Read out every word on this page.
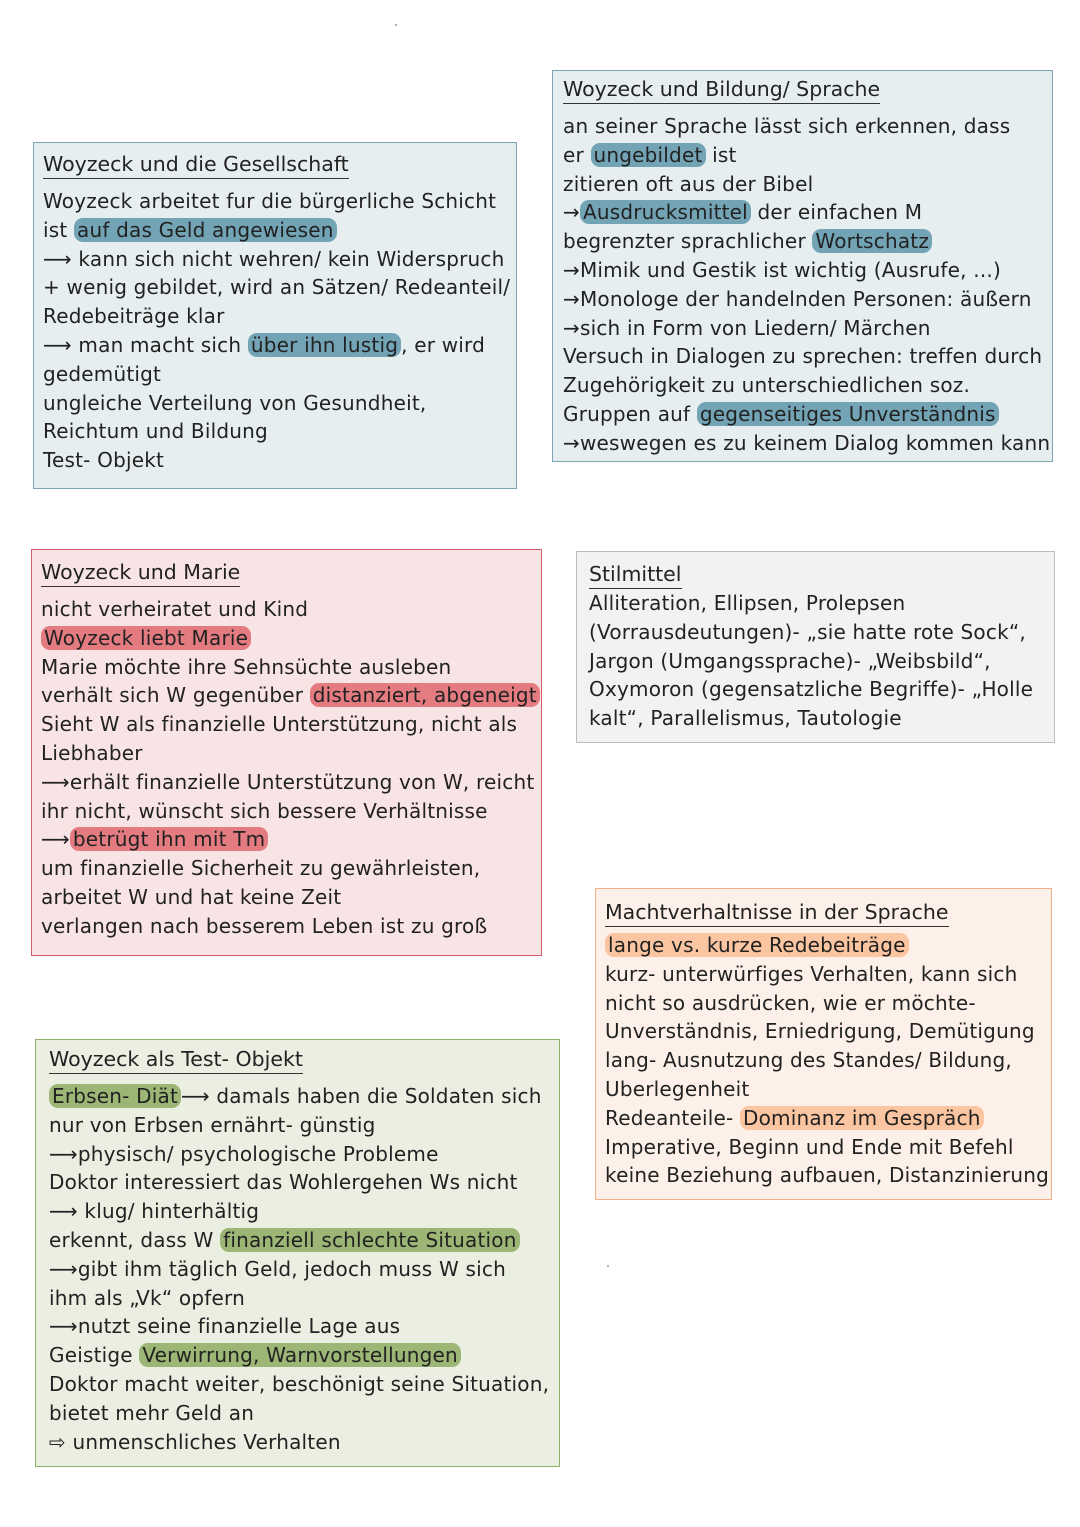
Woyzeck und die Gesellschaft
Woyzeck arbeitet fur die bürgerliche Schicht
ist auf das Geld angewiesen
⟶ kann sich nicht wehren/ kein Widerspruch
+ wenig gebildet, wird an Sätzen/ Redeanteil/
Redebeiträge klar
⟶ man macht sich über ihn lustig , er wird
gedemütigt
ungleiche Verteilung von Gesundheit,
Reichtum und Bildung
Test- Objekt
Woyzeck und Bildung/ Sprache
an seiner Sprache lässt sich erkennen, dass
er ungebildet ist
zitieren oft aus der Bibel
→ Ausdrucksmittel der einfachen M
begrenzter sprachlicher Wortschatz
→Mimik und Gestik ist wichtig (Ausrufe, ...)
→Monologe der handelnden Personen: äußern
→sich in Form von Liedern/ Märchen
Versuch in Dialogen zu sprechen: treffen durch
Zugehörigkeit zu unterschiedlichen soz.
Gruppen auf gegenseitiges Unverständnis
→weswegen es zu keinem Dialog kommen kann
Woyzeck und Marie
nicht verheiratet und Kind
Woyzeck liebt Marie
Marie möchte ihre Sehnsüchte ausleben
verhält sich W gegenüber distanziert, abgeneigt
Sieht W als finanzielle Unterstützung, nicht als
Liebhaber
⟶erhält finanzielle Unterstützung von W, reicht
ihr nicht, wünscht sich bessere Verhältnisse
⟶ betrügt ihn mit Tm
um finanzielle Sicherheit zu gewährleisten,
arbeitet W und hat keine Zeit
verlangen nach besserem Leben ist zu groß
Stilmittel
Alliteration, Ellipsen, Prolepsen
(Vorrausdeutungen)- „sie hatte rote Sock“,
Jargon (Umgangssprache)- „Weibsbild“,
Oxymoron (gegensatzliche Begriffe)- „Holle
kalt“, Parallelismus, Tautologie
Machtverhaltnisse in der Sprache
lange vs. kurze Redebeiträge
kurz- unterwürfiges Verhalten, kann sich
nicht so ausdrücken, wie er möchte-
Unverständnis, Erniedrigung, Demütigung
lang- Ausnutzung des Standes/ Bildung,
Uberlegenheit
Redeanteile- Dominanz im Gespräch
Imperative, Beginn und Ende mit Befehl
keine Beziehung aufbauen, Distanzinierung
Woyzeck als Test- Objekt
Erbsen- Diät ⟶ damals haben die Soldaten sich
nur von Erbsen ernährt- günstig
⟶physisch/ psychologische Probleme
Doktor interessiert das Wohlergehen Ws nicht
⟶ klug/ hinterhältig
erkennt, dass W finanziell schlechte Situation
⟶gibt ihm täglich Geld, jedoch muss W sich
ihm als „Vk“ opfern
⟶nutzt seine finanzielle Lage aus
Geistige Verwirrung, Warnvorstellungen
Doktor macht weiter, beschönigt seine Situation,
bietet mehr Geld an
⇨ unmenschliches Verhalten
